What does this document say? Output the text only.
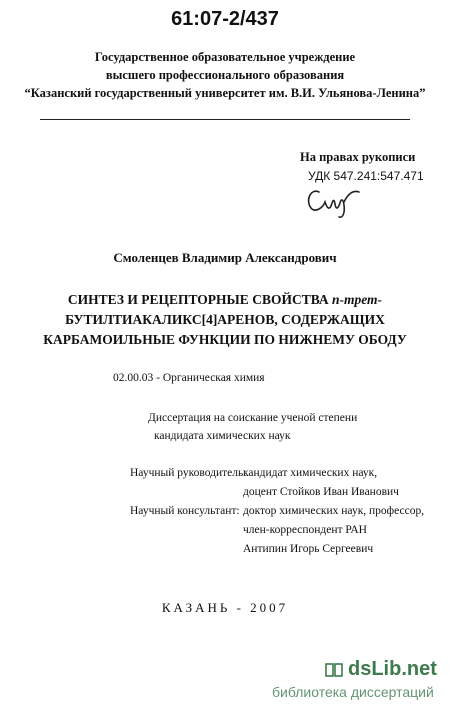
61:07-2/437
Государственное образовательное учреждение
высшего профессионального образования
“Казанский государственный университет им. В.И. Ульянова-Ленина”
На правах рукописи
УДК 547.241:547.471
Смоленцев Владимир Александрович
СИНТЕЗ И РЕЦЕПТОРНЫЕ СВОЙСТВА п-трет-
БУТИЛТИАКАЛИКС[4]АРЕНОВ, СОДЕРЖАЩИХ
КАРБАМОИЛЬНЫЕ ФУНКЦИИ ПО НИЖНЕМУ ОБОДУ
02.00.03 - Органическая химия
Диссертация на соискание ученой степени
кандидата химических наук
Научный руководитель:
кандидат химических наук,
доцент Стойков Иван Иванович
Научный консультант: доктор химических наук, профессор,
член-корреспондент РАН
Антипин Игорь Сергеевич
КАЗАНЬ - 2007
dsLib.net
библиотека диссертаций
